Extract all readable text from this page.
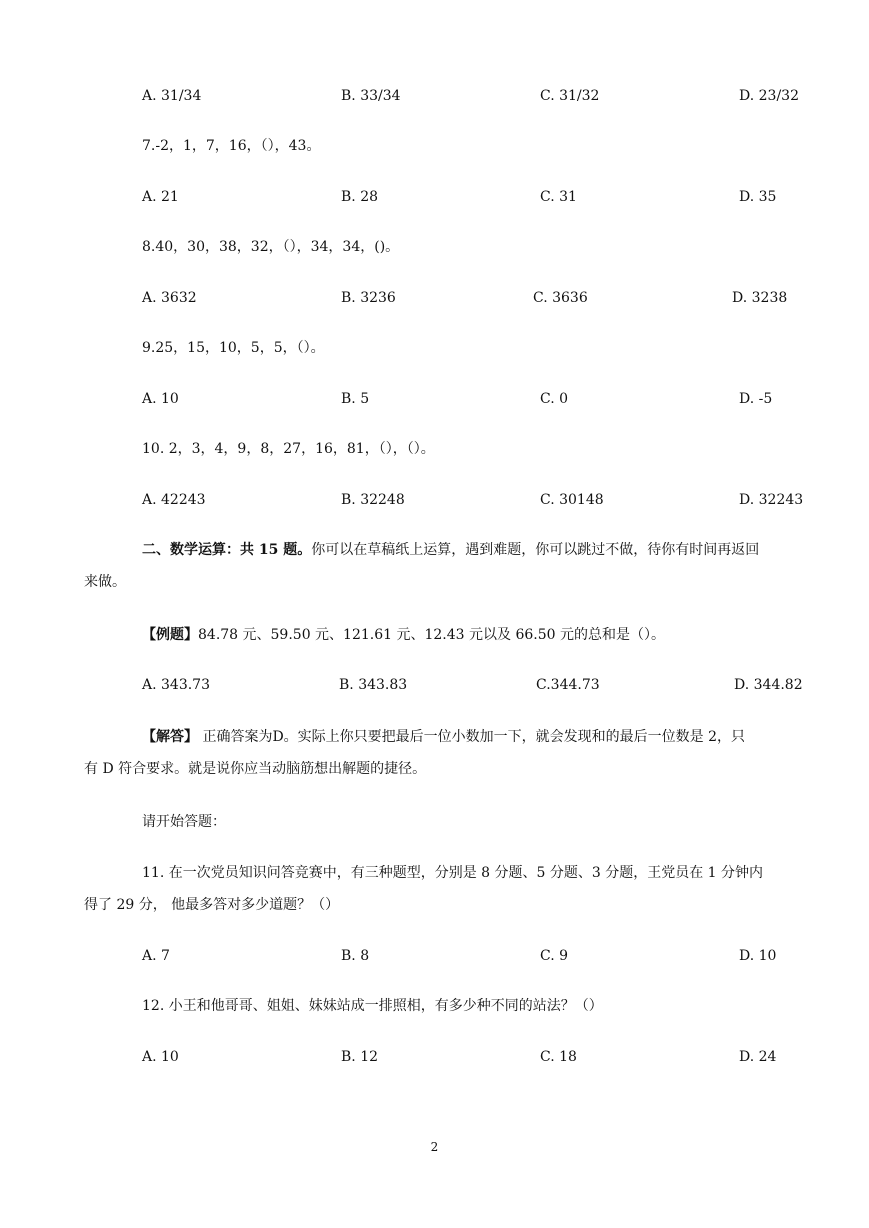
A. 31/34	B. 33/34	C. 31/32	D. 23/32
7.-2，1，7，16，（），43。
A. 21	B. 28	C. 31	D. 35
8.40，30，38，32，（），34，34，()。
A. 3632	B. 3236	C. 3636	D. 3238
9.25，15，10，5，5，（）。
A. 10	B. 5	C. 0	D. -5
10. 2，3，4，9，8，27，16，81，（），（）。
A. 42243	B. 32248	C. 30148	D. 32243
二、数学运算：共 15 题。你可以在草稿纸上运算，遇到难题，你可以跳过不做，待你有时间再返回
来做。
【例题】84.78 元、59.50 元、121.61 元、12.43 元以及 66.50 元的总和是（）。
A. 343.73	B. 343.83	C.344.73	D. 344.82
【解答】 正确答案为D。实际上你只要把最后一位小数加一下，就会发现和的最后一位数是 2，只
有 D 符合要求。就是说你应当动脑筋想出解题的捷径。
请开始答题：
11. 在一次党员知识问答竞赛中，有三种题型，分别是 8 分题、5 分题、3 分题，王党员在 1 分钟内
得了 29 分， 他最多答对多少道题？（）
A. 7	B. 8	C. 9	D. 10
12. 小王和他哥哥、姐姐、妹妹站成一排照相，有多少种不同的站法？（）
A. 10	B. 12	C. 18	D. 24
2
